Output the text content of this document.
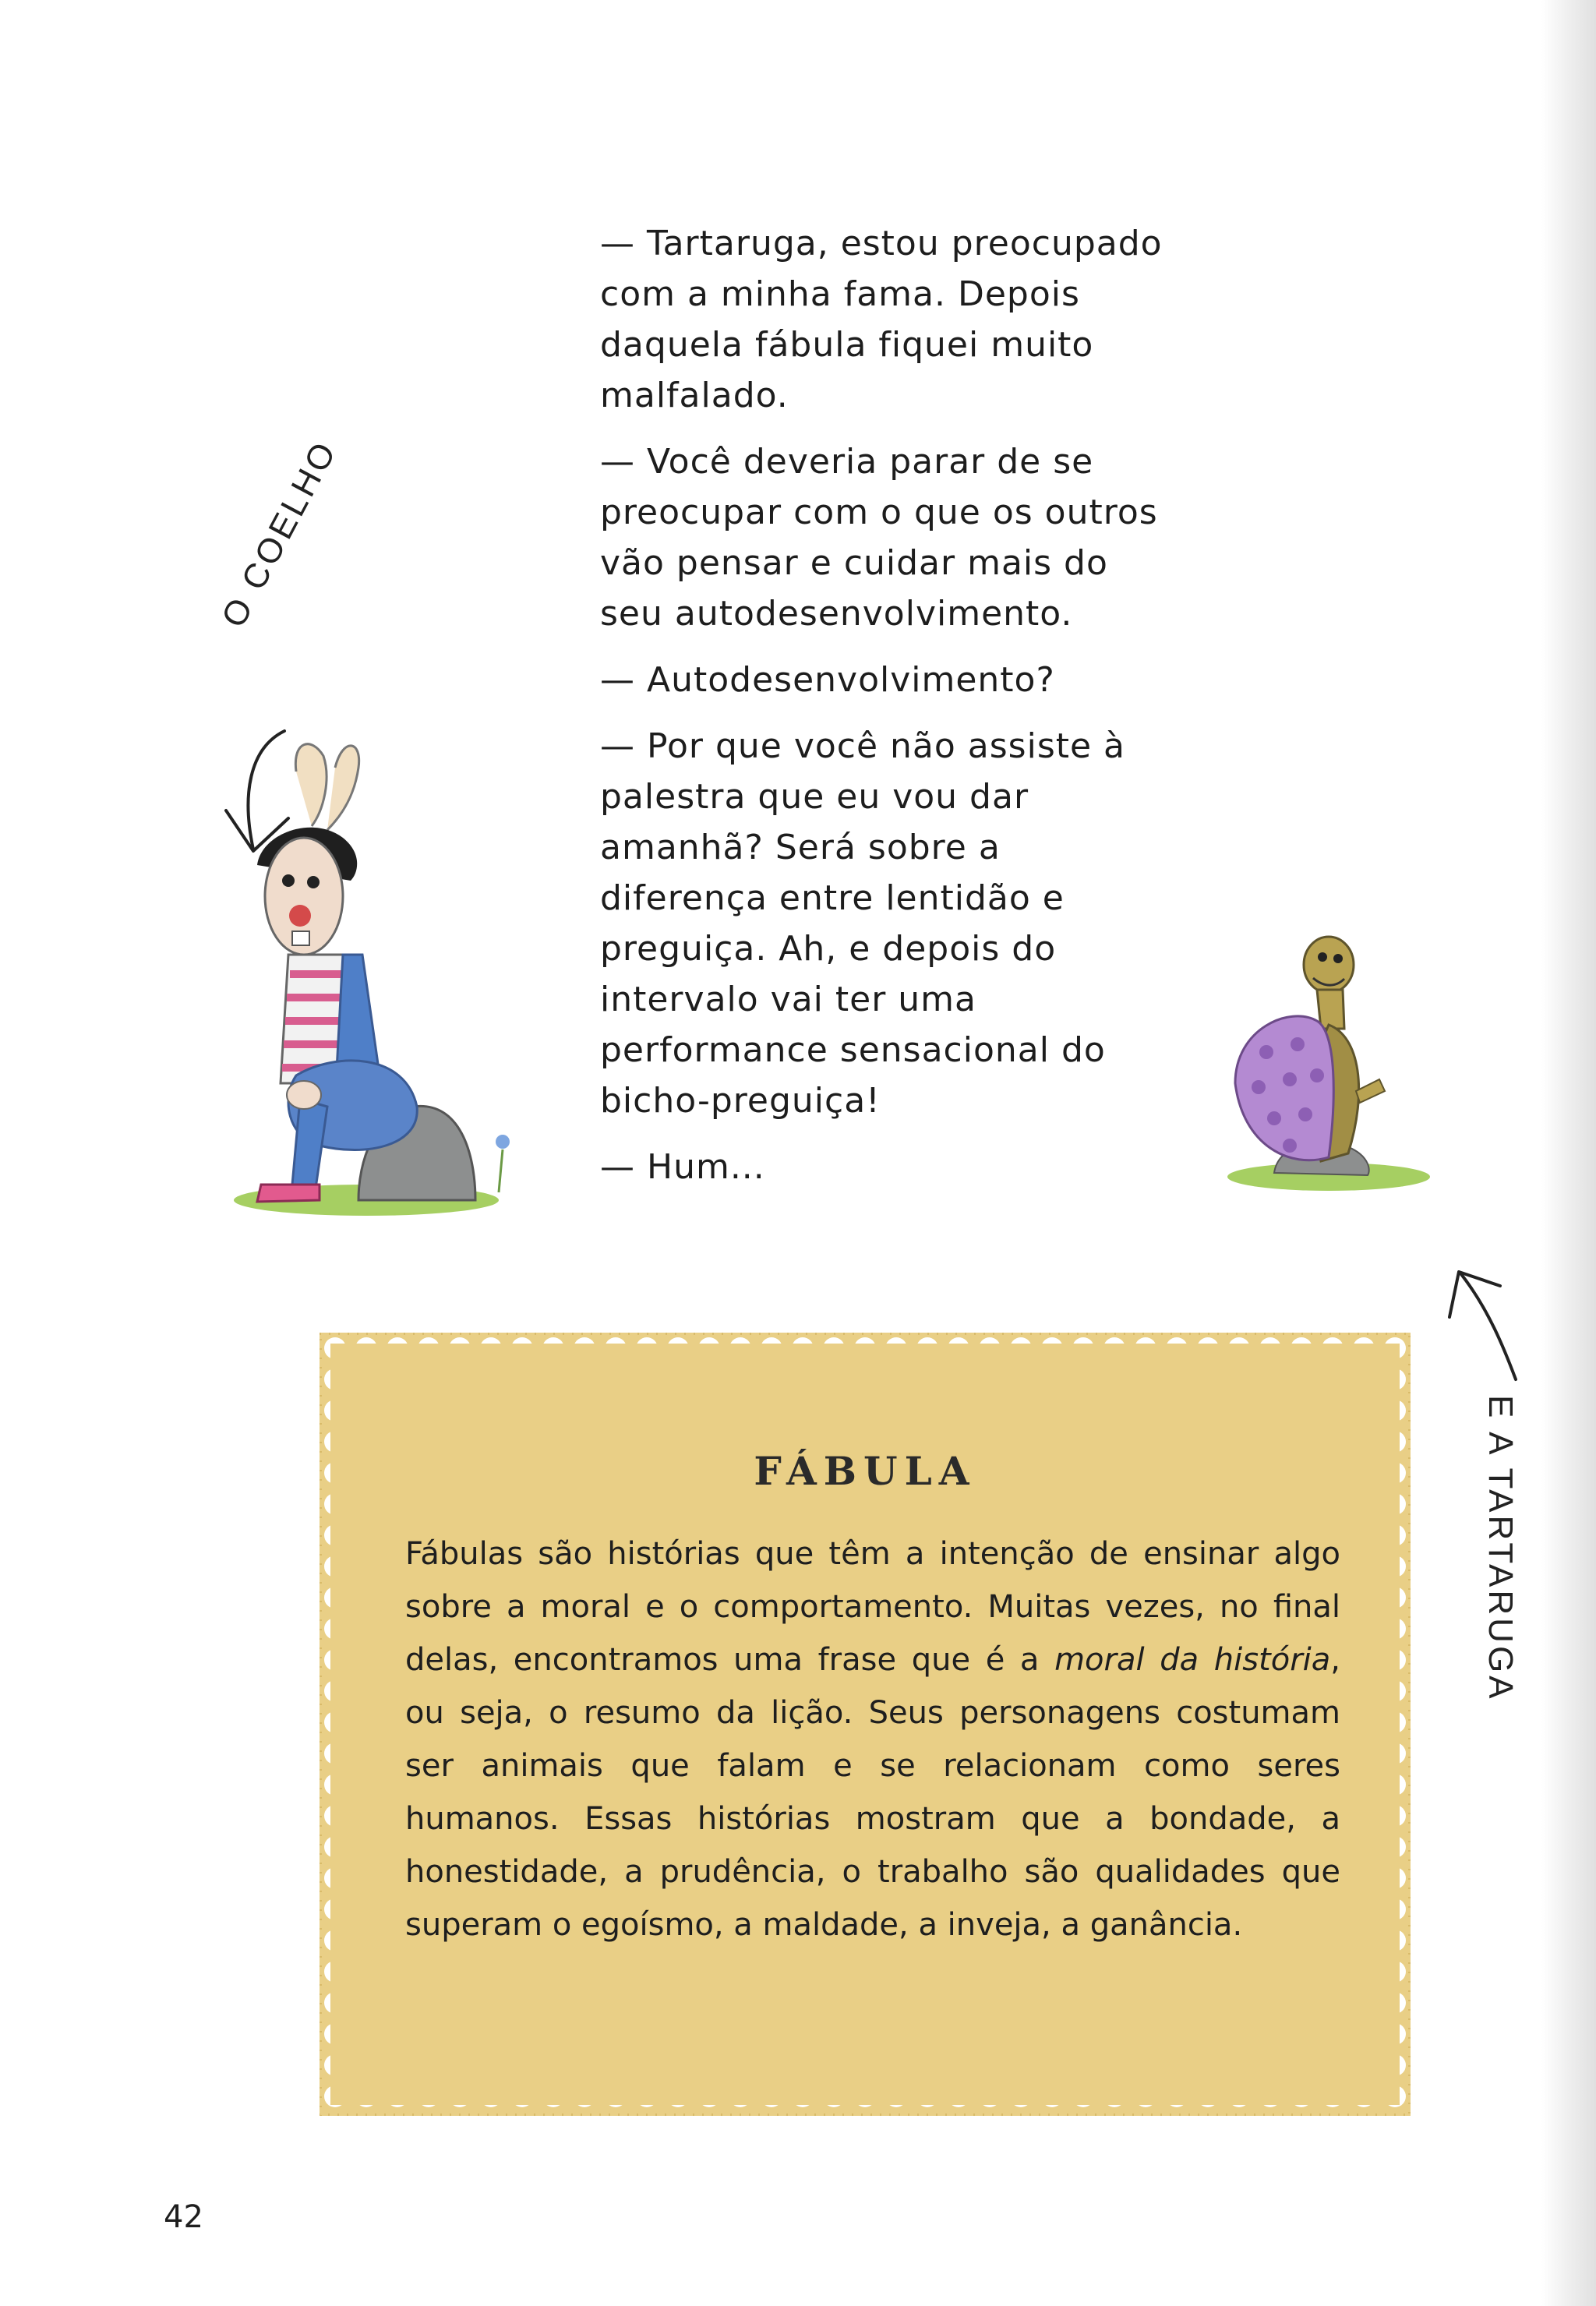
— Tartaruga, estou preocupado com a minha fama. Depois daquela fábula fiquei muito malfalado.

— Você deveria parar de se preocupar com o que os outros vão pensar e cuidar mais do seu autodesenvolvimento.

— Autodesenvolvimento?

— Por que você não assiste à palestra que eu vou dar amanhã? Será sobre a diferença entre lentidão e preguiça. Ah, e depois do intervalo vai ter uma performance sensacional do bicho-preguiça!

— Hum...

O COELHO
E A TARTARUGA
FÁBULA
Fábulas são histórias que têm a intenção de ensinar algo sobre a moral e o comportamento. Muitas vezes, no final delas, encontramos uma frase que é a moral da história, ou seja, o resumo da lição. Seus personagens costumam ser animais que falam e se relacionam como seres humanos. Essas histórias mostram que a bondade, a honestidade, a prudência, o trabalho são qualidades que superam o egoísmo, a maldade, a inveja, a ganância.
42
